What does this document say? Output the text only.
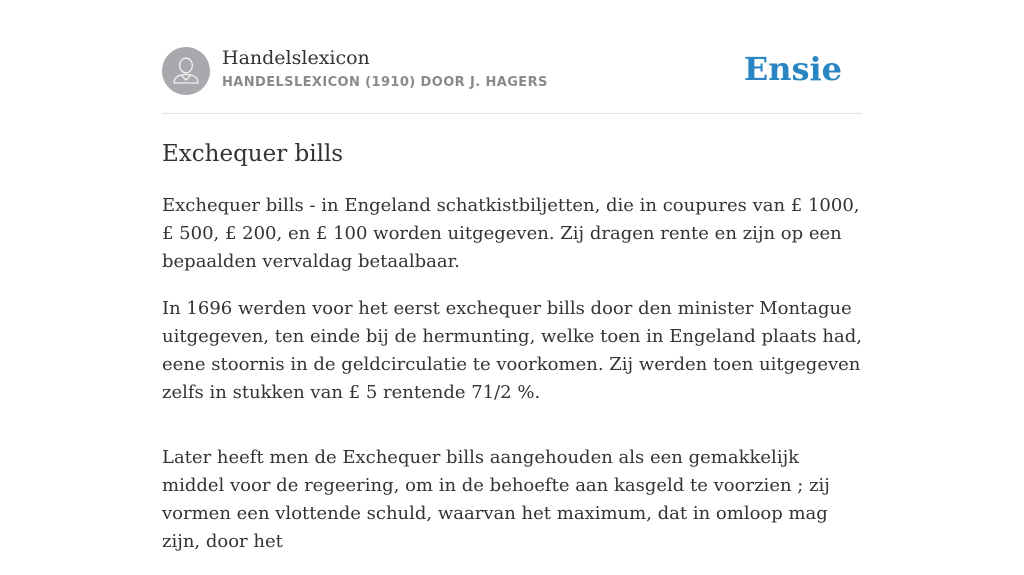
Handelslexicon
HANDELSLEXICON (1910) DOOR J. HAGERS	Ensie
Exchequer bills

Exchequer bills - in Engeland schatkistbiljetten, die in coupures van £ 1000, £ 500, £ 200, en £ 100 worden uitgegeven. Zij dragen rente en zijn op een bepaalden vervaldag betaalbaar.

In 1696 werden voor het eerst exchequer bills door den minister Montague uitgegeven, ten einde bij de hermunting, welke toen in Engeland plaats had, eene stoornis in de geldcirculatie te voorkomen. Zij werden toen uitgegeven zelfs in stukken van £ 5 rentende 71/2 %.

Later heeft men de Exchequer bills aangehouden als een gemakkelijk middel voor de regeering, om in de behoefte aan kasgeld te voorzien ; zij vormen een vlottende schuld, waarvan het maximum, dat in omloop mag zijn, door het
